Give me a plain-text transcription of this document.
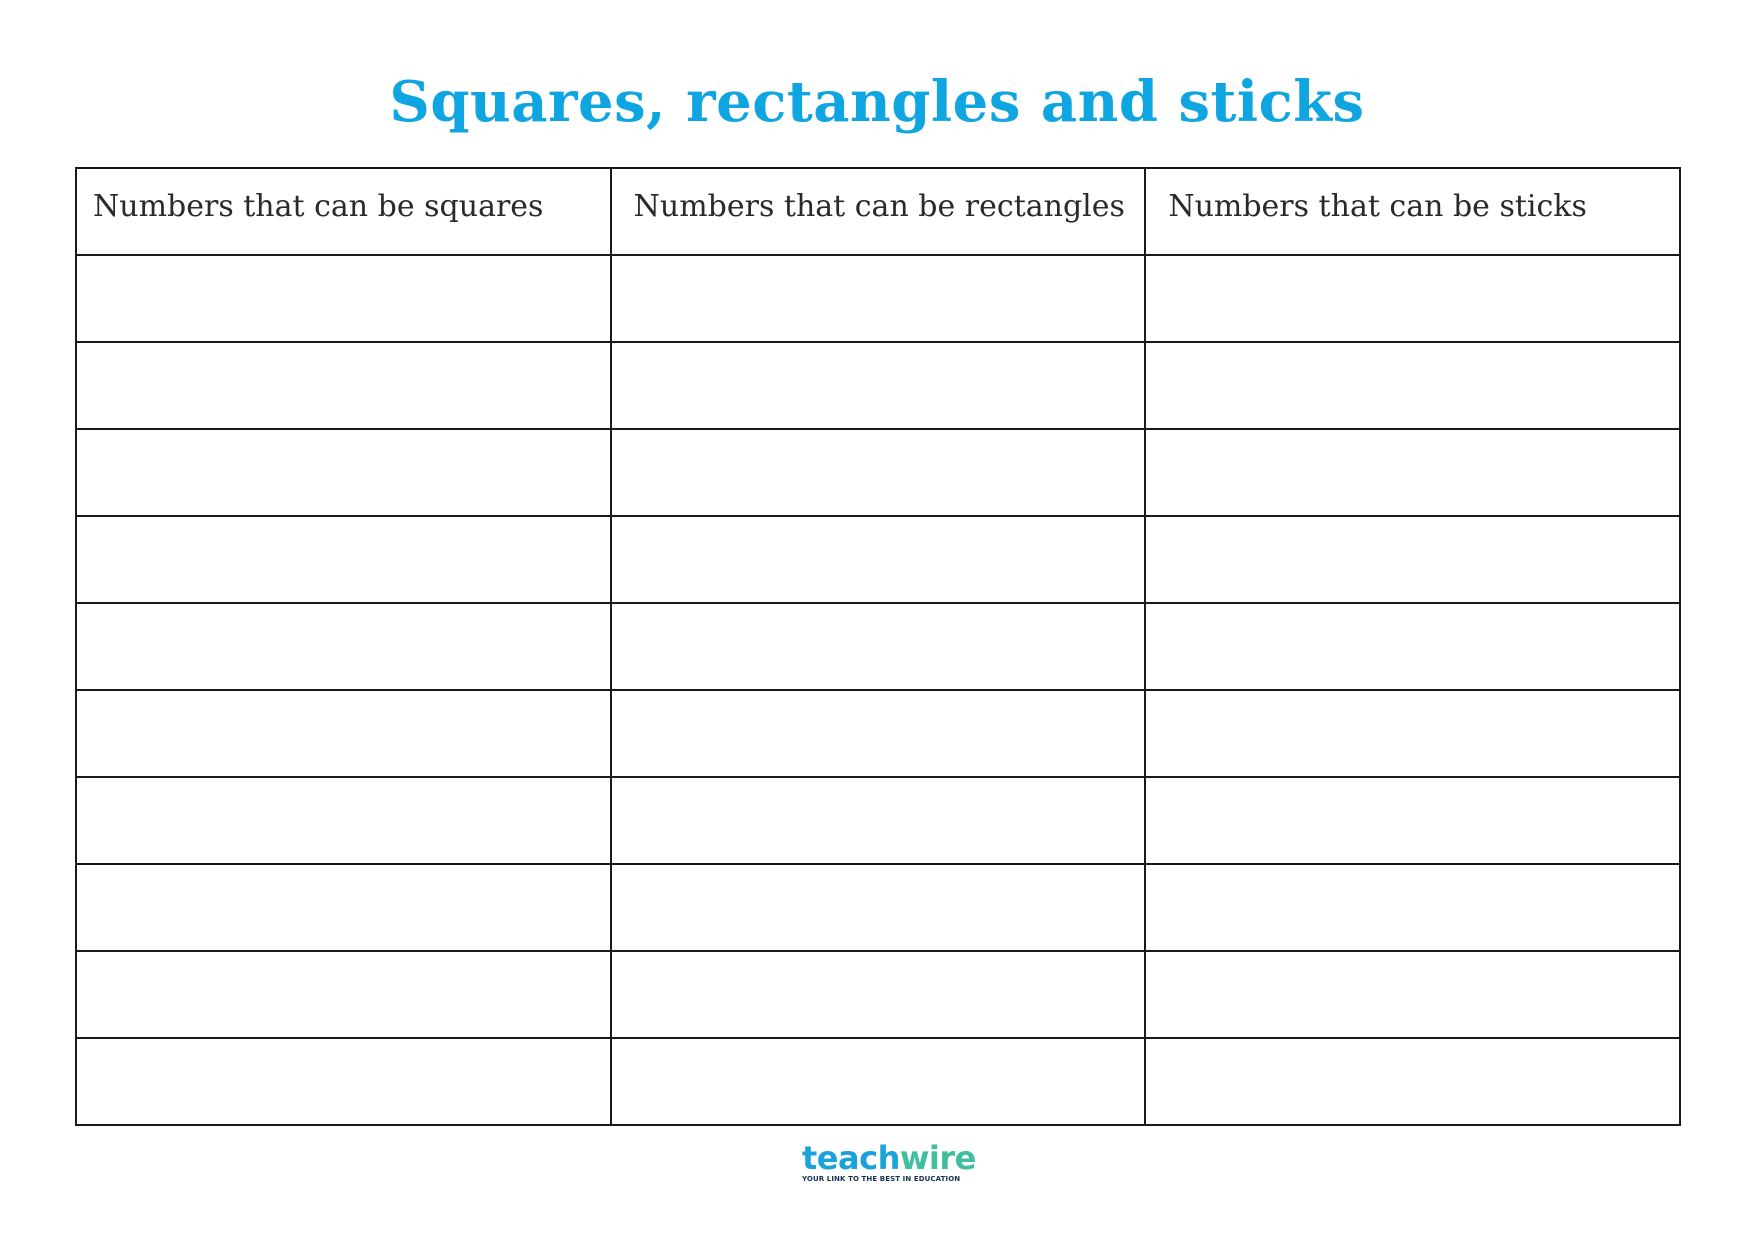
Squares, rectangles and sticks
Numbers that can be squares	Numbers that can be rectangles	Numbers that can be sticks

teachwire
YOUR LINK TO THE BEST IN EDUCATION
